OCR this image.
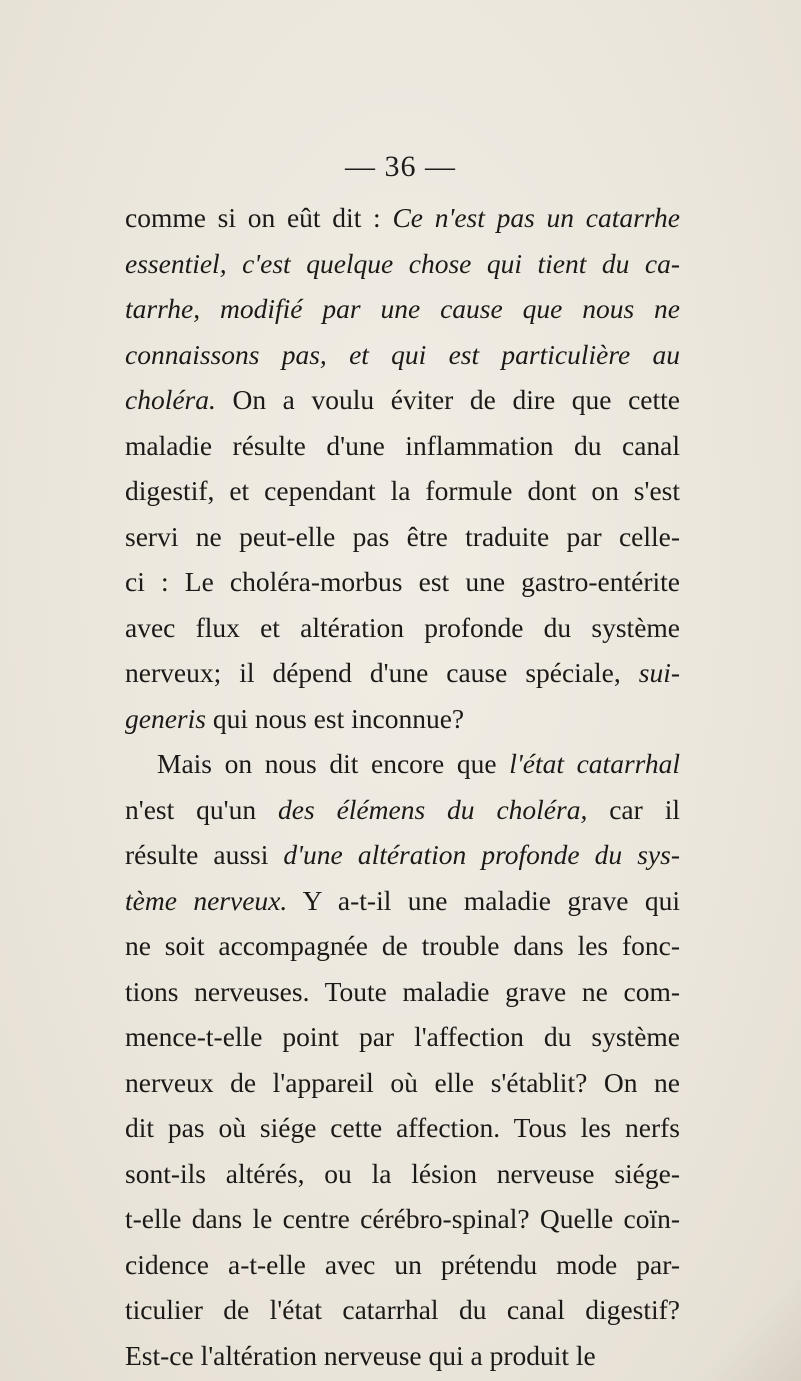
— 36 —
comme si on eût dit : Ce n'est pas un catarrhe
essentiel, c'est quelque chose qui tient du ca-
tarrhe, modifié par une cause que nous ne
connaissons pas, et qui est particulière au
choléra. On a voulu éviter de dire que cette
maladie résulte d'une inflammation du canal
digestif, et cependant la formule dont on s'est
servi ne peut-elle pas être traduite par celle-
ci : Le choléra-morbus est une gastro-entérite
avec flux et altération profonde du système
nerveux; il dépend d'une cause spéciale, sui-
generis qui nous est inconnue?
Mais on nous dit encore que l'état catarrhal
n'est qu'un des élémens du choléra, car il
résulte aussi d'une altération profonde du sys-
tème nerveux. Y a-t-il une maladie grave qui
ne soit accompagnée de trouble dans les fonc-
tions nerveuses. Toute maladie grave ne com-
mence-t-elle point par l'affection du système
nerveux de l'appareil où elle s'établit? On ne
dit pas où siége cette affection. Tous les nerfs
sont-ils altérés, ou la lésion nerveuse siége-
t-elle dans le centre cérébro-spinal? Quelle coïn-
cidence a-t-elle avec un prétendu mode par-
ticulier de l'état catarrhal du canal digestif?
Est-ce l'altération nerveuse qui a produit le
